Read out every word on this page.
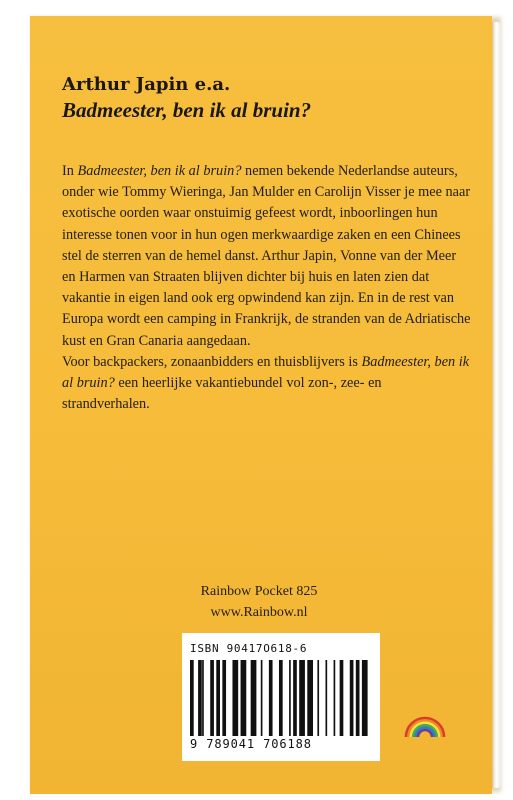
Arthur Japin e.a.
Badmeester, ben ik al bruin?

In Badmeester, ben ik al bruin? nemen bekende Nederlandse auteurs, onder wie Tommy Wieringa, Jan Mulder en Carolijn Visser je mee naar exotische oorden waar onstuimig gefeest wordt, inboorlingen hun interesse tonen voor in hun ogen merkwaardige zaken en een Chinees stel de sterren van de hemel danst. Arthur Japin, Vonne van der Meer en Harmen van Straaten blijven dichter bij huis en laten zien dat vakantie in eigen land ook erg opwindend kan zijn. En in de rest van Europa wordt een camping in Frankrijk, de stranden van de Adriatische kust en Gran Canaria aangedaan.

Voor backpackers, zonaanbidders en thuisblijvers is Badmeester, ben ik al bruin? een heerlijke vakantiebundel vol zon-, zee- en strandverhalen.

Rainbow Pocket 825
www.Rainbow.nl
ISBN 90417O618-6
9 789041 706188
